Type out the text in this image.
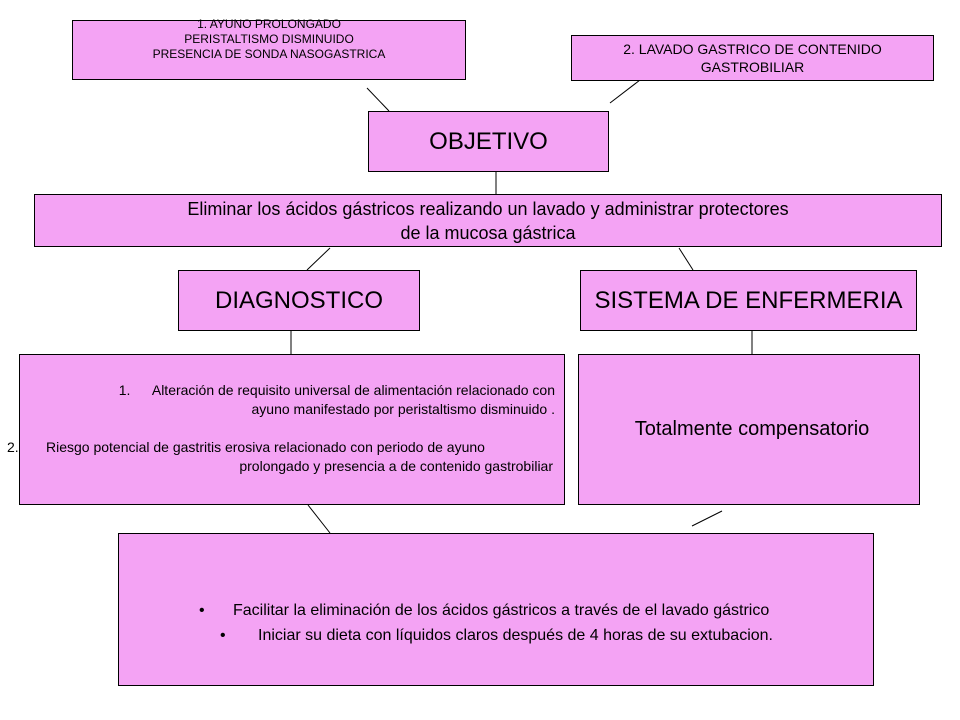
1. AYUNO PROLONGADO
PERISTALTISMO DISMINUIDO
PRESENCIA DE SONDA NASOGASTRICA	2. LAVADO GASTRICO DE CONTENIDO
GASTROBILIAR
OBJETIVO
Eliminar los ácidos gástricos realizando un lavado y administrar protectores
de la mucosa gástrica
DIAGNOSTICO	SISTEMA DE ENFERMERIA
1. Alteración de requisito universal de alimentación relacionado con
ayuno manifestado por peristaltismo disminuido .
2. Riesgo potencial de gastritis erosiva relacionado con periodo de ayuno
prolongado y presencia a de contenido gastrobiliar
Totalmente compensatorio
• Facilitar la eliminación de los ácidos gástricos a través de el lavado gástrico
• Iniciar su dieta con líquidos claros después de 4 horas de su extubacion.
